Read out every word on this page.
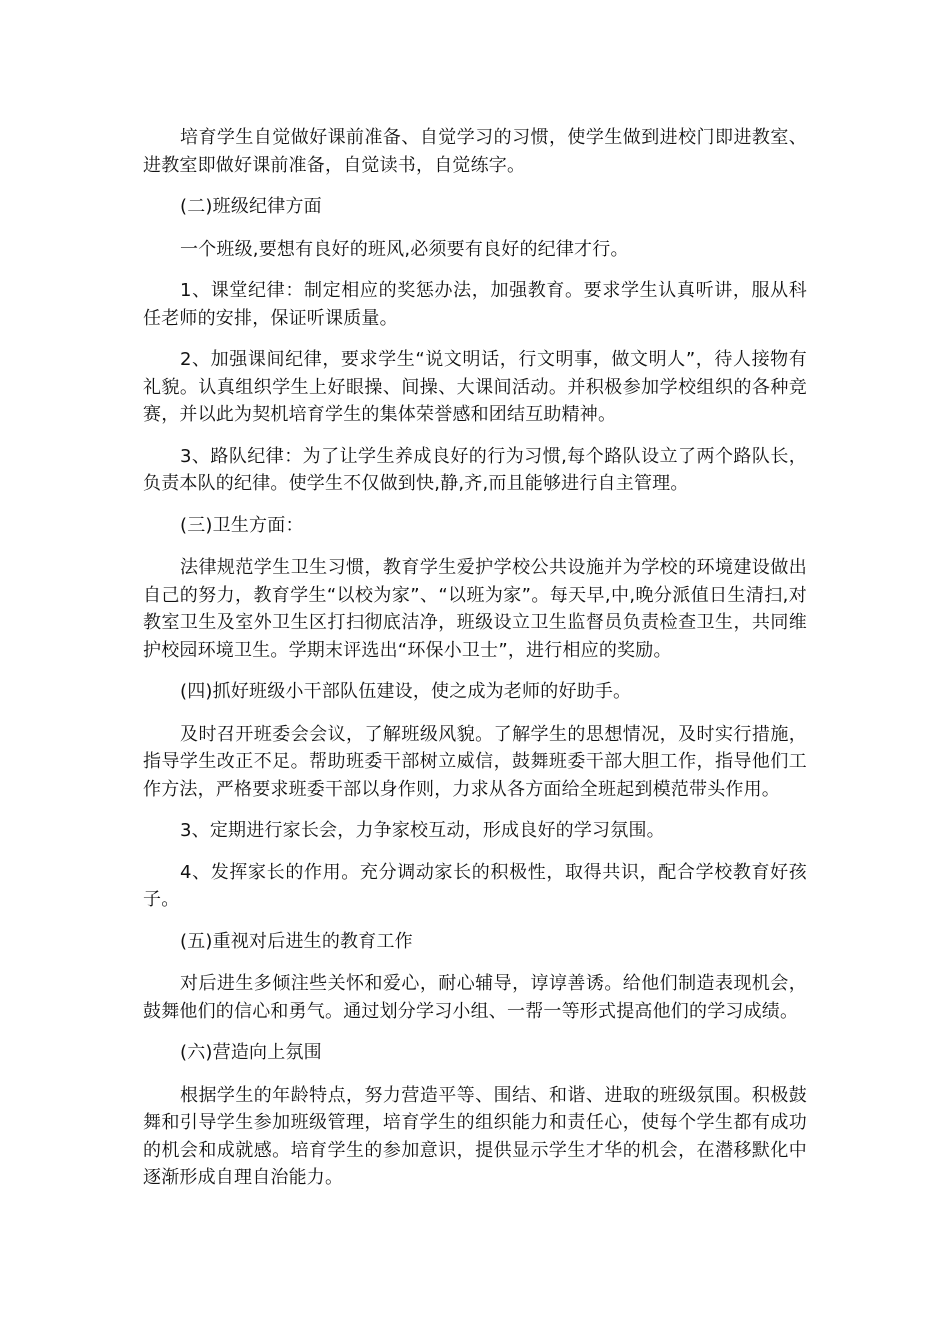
培育学生自觉做好课前准备、自觉学习的习惯，使学生做到进校门即进教室、进教室即做好课前准备，自觉读书，自觉练字。

(二)班级纪律方面

一个班级,要想有良好的班风,必须要有良好的纪律才行。

1、课堂纪律：制定相应的奖惩办法，加强教育。要求学生认真听讲，服从科任老师的安排，保证听课质量。

2、加强课间纪律，要求学生“说文明话，行文明事，做文明人”，待人接物有礼貌。认真组织学生上好眼操、间操、大课间活动。并积极参加学校组织的各种竞赛，并以此为契机培育学生的集体荣誉感和团结互助精神。

3、路队纪律：为了让学生养成良好的行为习惯,每个路队设立了两个路队长，负责本队的纪律。使学生不仅做到快,静,齐,而且能够进行自主管理。

(三)卫生方面：

法律规范学生卫生习惯，教育学生爱护学校公共设施并为学校的环境建设做出自己的努力，教育学生“以校为家”、“以班为家”。每天早,中,晚分派值日生清扫,对教室卫生及室外卫生区打扫彻底洁净，班级设立卫生监督员负责检查卫生，共同维护校园环境卫生。学期末评选出“环保小卫士”，进行相应的奖励。

(四)抓好班级小干部队伍建设，使之成为老师的好助手。

及时召开班委会会议，了解班级风貌。了解学生的思想情况，及时实行措施，指导学生改正不足。帮助班委干部树立威信，鼓舞班委干部大胆工作，指导他们工作方法，严格要求班委干部以身作则，力求从各方面给全班起到模范带头作用。

3、定期进行家长会，力争家校互动，形成良好的学习氛围。

4、发挥家长的作用。充分调动家长的积极性，取得共识，配合学校教育好孩子。

(五)重视对后进生的教育工作

对后进生多倾注些关怀和爱心，耐心辅导，谆谆善诱。给他们制造表现机会，鼓舞他们的信心和勇气。通过划分学习小组、一帮一等形式提高他们的学习成绩。

(六)营造向上氛围

根据学生的年龄特点，努力营造平等、围结、和谐、进取的班级氛围。积极鼓舞和引导学生参加班级管理，培育学生的组织能力和责任心，使每个学生都有成功的机会和成就感。培育学生的参加意识，提供显示学生才华的机会，在潜移默化中逐渐形成自理自治能力。
